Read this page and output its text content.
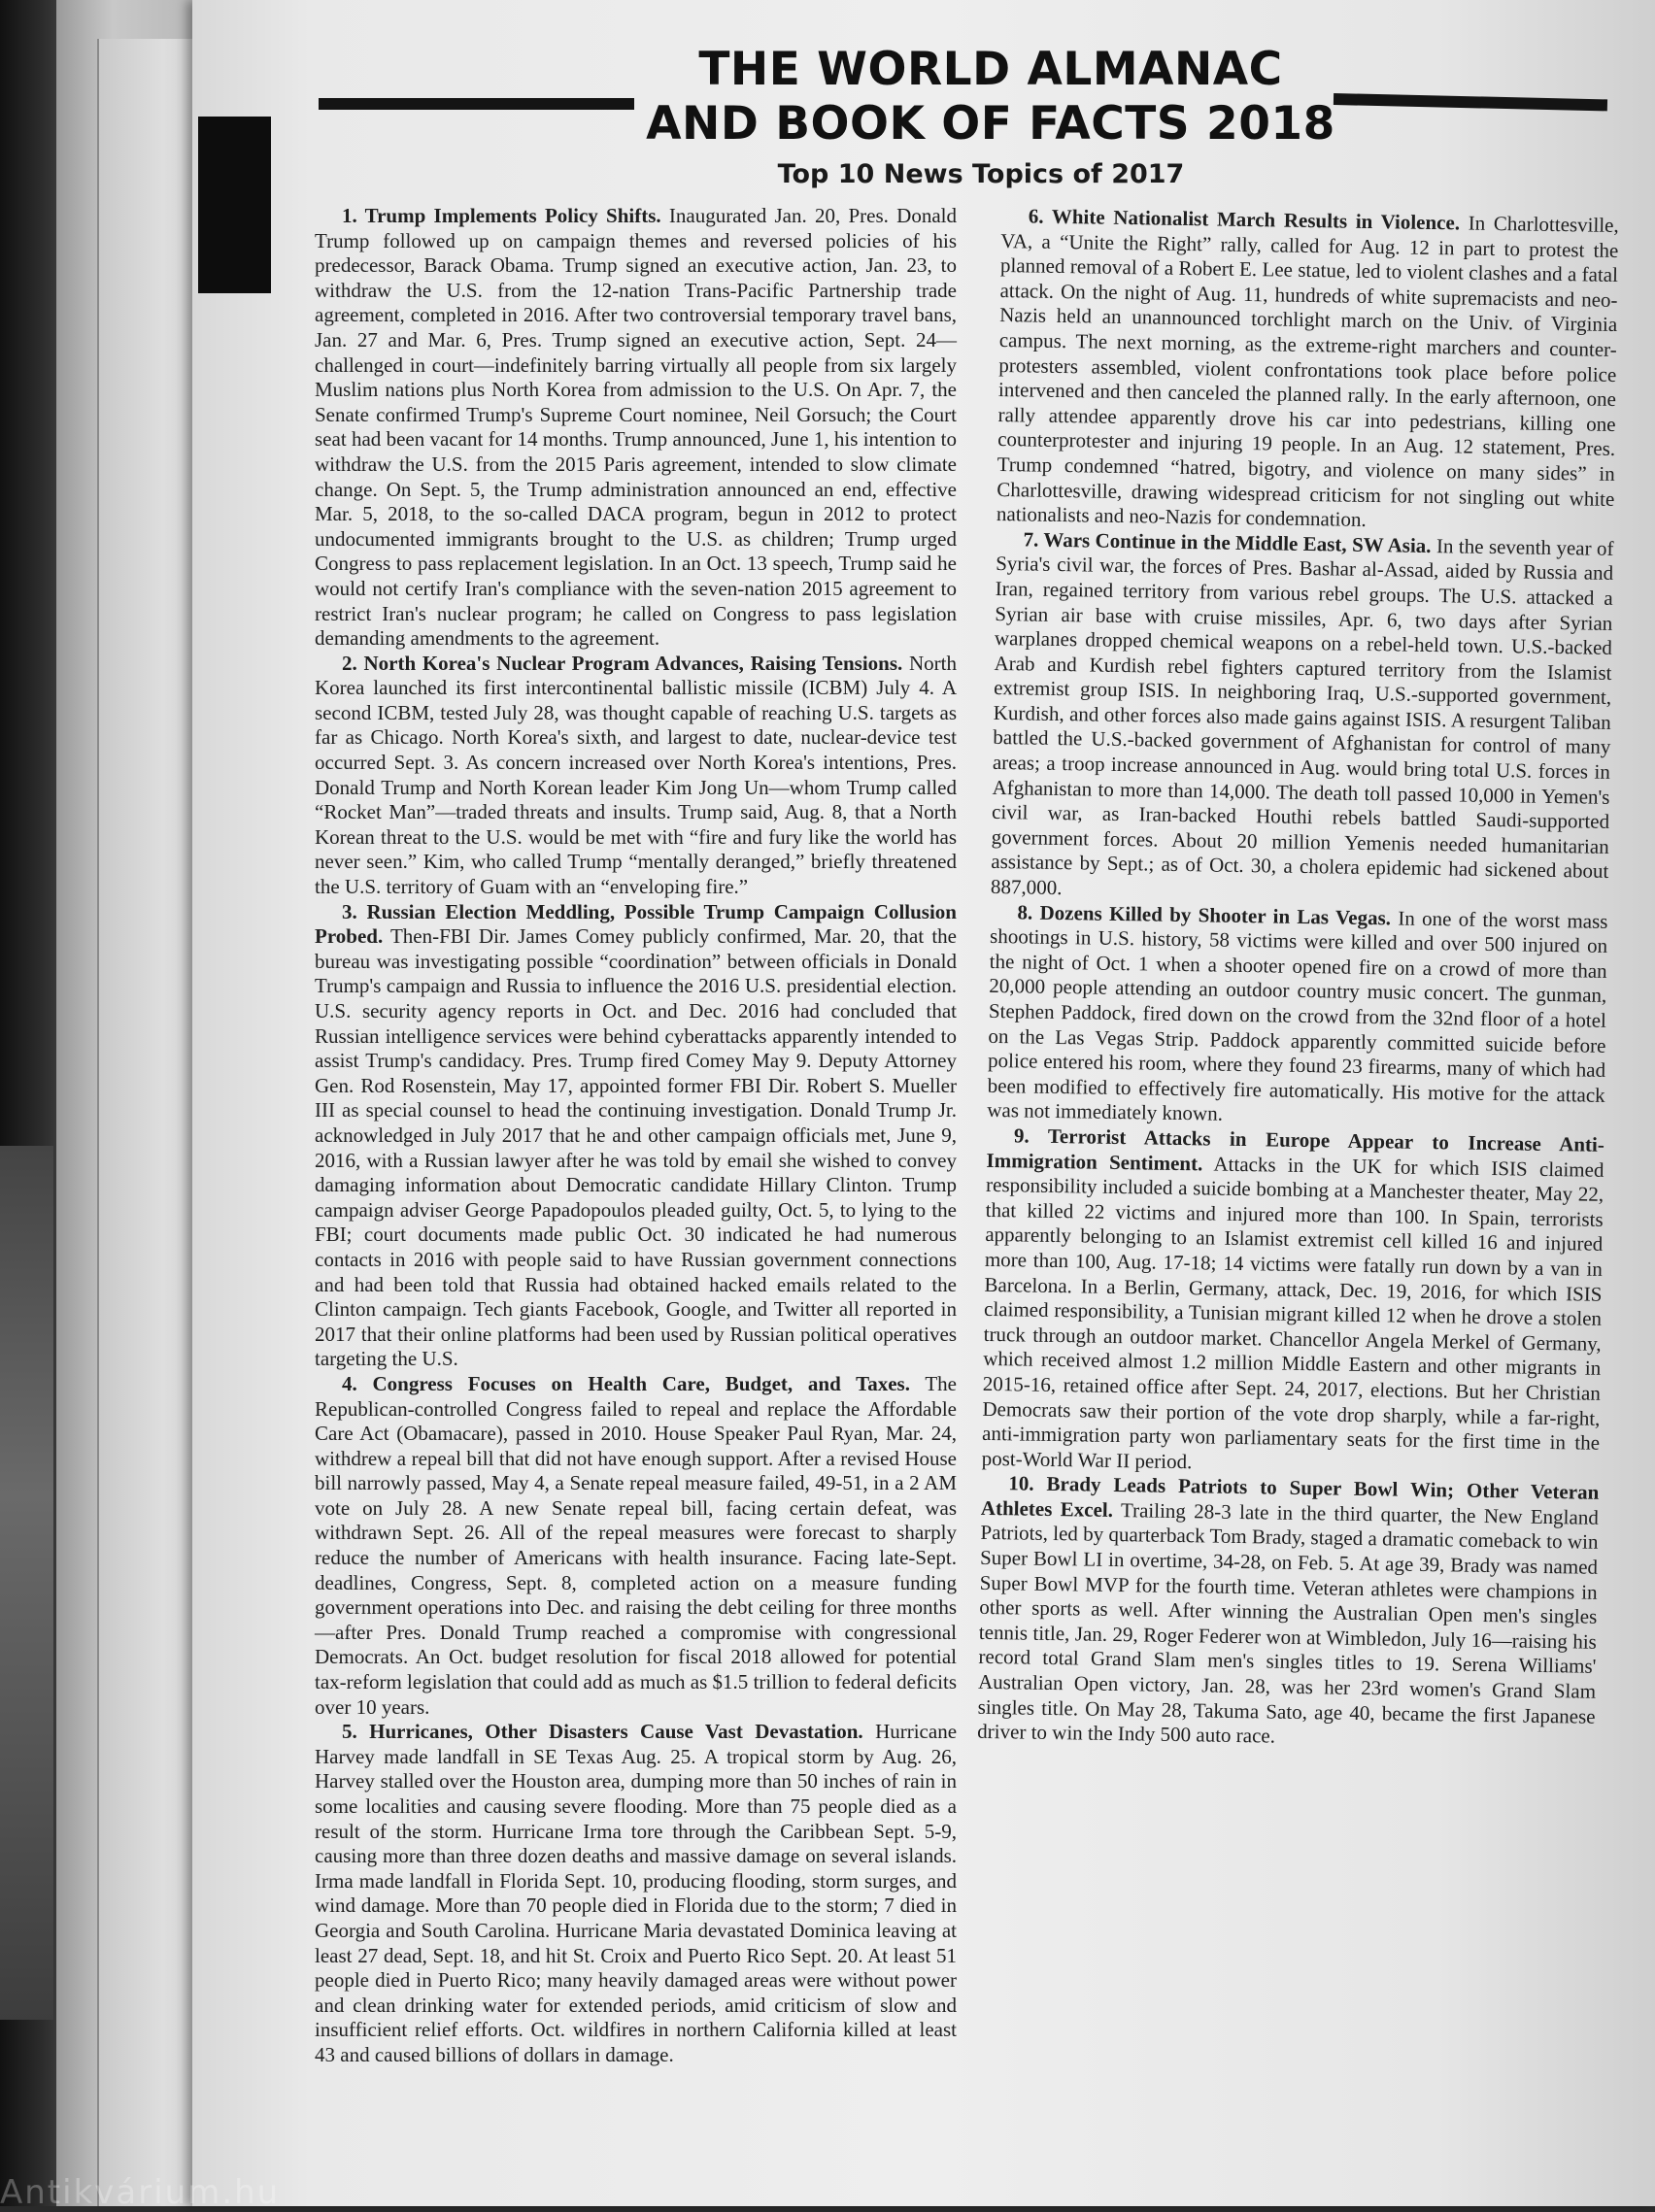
THE WORLD ALMANAC
AND BOOK OF FACTS 2018
Top 10 News Topics of 2017

1. Trump Implements Policy Shifts. Inaugurated Jan. 20, Pres. Donald Trump followed up on campaign themes and reversed policies of his predecessor, Barack Obama. Trump signed an executive action, Jan. 23, to withdraw the U.S. from the 12-nation Trans-Pacific Partnership trade agreement, completed in 2016. After two controversial temporary travel bans, Jan. 27 and Mar. 6, Pres. Trump signed an executive action, Sept. 24—challenged in court—indefinitely barring virtually all people from six largely Muslim nations plus North Korea from admission to the U.S. On Apr. 7, the Senate confirmed Trump's Supreme Court nominee, Neil Gorsuch; the Court seat had been vacant for 14 months. Trump announced, June 1, his intention to withdraw the U.S. from the 2015 Paris agreement, intended to slow climate change. On Sept. 5, the Trump administration announced an end, effective Mar. 5, 2018, to the so-called DACA program, begun in 2012 to protect undocumented immigrants brought to the U.S. as children; Trump urged Congress to pass replacement legislation. In an Oct. 13 speech, Trump said he would not certify Iran's compliance with the seven-nation 2015 agreement to restrict Iran's nuclear program; he called on Congress to pass legislation demanding amendments to the agreement.

2. North Korea's Nuclear Program Advances, Raising Tensions. North Korea launched its first intercontinental ballistic missile (ICBM) July 4. A second ICBM, tested July 28, was thought capable of reaching U.S. targets as far as Chicago. North Korea's sixth, and largest to date, nuclear-device test occurred Sept. 3. As concern increased over North Korea's intentions, Pres. Donald Trump and North Korean leader Kim Jong Un—whom Trump called “Rocket Man”—traded threats and insults. Trump said, Aug. 8, that a North Korean threat to the U.S. would be met with “fire and fury like the world has never seen.” Kim, who called Trump “mentally deranged,” briefly threatened the U.S. territory of Guam with an “enveloping fire.”

3. Russian Election Meddling, Possible Trump Campaign Collusion Probed. Then-FBI Dir. James Comey publicly confirmed, Mar. 20, that the bureau was investigating possible “coordination” between officials in Donald Trump's campaign and Russia to influence the 2016 U.S. presidential election. U.S. security agency reports in Oct. and Dec. 2016 had concluded that Russian intelligence services were behind cyberattacks apparently intended to assist Trump's candidacy. Pres. Trump fired Comey May 9. Deputy Attorney Gen. Rod Rosenstein, May 17, appointed former FBI Dir. Robert S. Mueller III as special counsel to head the continuing investigation. Donald Trump Jr. acknowledged in July 2017 that he and other campaign officials met, June 9, 2016, with a Russian lawyer after he was told by email she wished to convey damaging information about Democratic candidate Hillary Clinton. Trump campaign adviser George Papadopoulos pleaded guilty, Oct. 5, to lying to the FBI; court documents made public Oct. 30 indicated he had numerous contacts in 2016 with people said to have Russian government connections and had been told that Russia had obtained hacked emails related to the Clinton campaign. Tech giants Facebook, Google, and Twitter all reported in 2017 that their online platforms had been used by Russian political operatives targeting the U.S.

4. Congress Focuses on Health Care, Budget, and Taxes. The Republican-controlled Congress failed to repeal and replace the Affordable Care Act (Obamacare), passed in 2010. House Speaker Paul Ryan, Mar. 24, withdrew a repeal bill that did not have enough support. After a revised House bill narrowly passed, May 4, a Senate repeal measure failed, 49-51, in a 2 AM vote on July 28. A new Senate repeal bill, facing certain defeat, was withdrawn Sept. 26. All of the repeal measures were forecast to sharply reduce the number of Americans with health insurance. Facing late-Sept. deadlines, Congress, Sept. 8, completed action on a measure funding government operations into Dec. and raising the debt ceiling for three months—after Pres. Donald Trump reached a compromise with congressional Democrats. An Oct. budget resolution for fiscal 2018 allowed for potential tax-reform legislation that could add as much as $1.5 trillion to federal deficits over 10 years.

5. Hurricanes, Other Disasters Cause Vast Devastation. Hurricane Harvey made landfall in SE Texas Aug. 25. A tropical storm by Aug. 26, Harvey stalled over the Houston area, dumping more than 50 inches of rain in some localities and causing severe flooding. More than 75 people died as a result of the storm. Hurricane Irma tore through the Caribbean Sept. 5-9, causing more than three dozen deaths and massive damage on several islands. Irma made landfall in Florida Sept. 10, producing flooding, storm surges, and wind damage. More than 70 people died in Florida due to the storm; 7 died in Georgia and South Carolina. Hurricane Maria devastated Dominica leaving at least 27 dead, Sept. 18, and hit St. Croix and Puerto Rico Sept. 20. At least 51 people died in Puerto Rico; many heavily damaged areas were without power and clean drinking water for extended periods, amid criticism of slow and insufficient relief efforts. Oct. wildfires in northern California killed at least 43 and caused billions of dollars in damage.

6. White Nationalist March Results in Violence. In Charlottesville, VA, a “Unite the Right” rally, called for Aug. 12 in part to protest the planned removal of a Robert E. Lee statue, led to violent clashes and a fatal attack. On the night of Aug. 11, hundreds of white supremacists and neo-Nazis held an unannounced torchlight march on the Univ. of Virginia campus. The next morning, as the extreme-right marchers and counter-protesters assembled, violent confrontations took place before police intervened and then canceled the planned rally. In the early afternoon, one rally attendee apparently drove his car into pedestrians, killing one counterprotester and injuring 19 people. In an Aug. 12 statement, Pres. Trump condemned “hatred, bigotry, and violence on many sides” in Charlottesville, drawing widespread criticism for not singling out white nationalists and neo-Nazis for condemnation.

7. Wars Continue in the Middle East, SW Asia. In the seventh year of Syria's civil war, the forces of Pres. Bashar al-Assad, aided by Russia and Iran, regained territory from various rebel groups. The U.S. attacked a Syrian air base with cruise missiles, Apr. 6, two days after Syrian warplanes dropped chemical weapons on a rebel-held town. U.S.-backed Arab and Kurdish rebel fighters captured territory from the Islamist extremist group ISIS. In neighboring Iraq, U.S.-supported government, Kurdish, and other forces also made gains against ISIS. A resurgent Taliban battled the U.S.-backed government of Afghanistan for control of many areas; a troop increase announced in Aug. would bring total U.S. forces in Afghanistan to more than 14,000. The death toll passed 10,000 in Yemen's civil war, as Iran-backed Houthi rebels battled Saudi-supported government forces. About 20 million Yemenis needed humanitarian assistance by Sept.; as of Oct. 30, a cholera epidemic had sickened about 887,000.

8. Dozens Killed by Shooter in Las Vegas. In one of the worst mass shootings in U.S. history, 58 victims were killed and over 500 injured on the night of Oct. 1 when a shooter opened fire on a crowd of more than 20,000 people attending an outdoor country music concert. The gunman, Stephen Paddock, fired down on the crowd from the 32nd floor of a hotel on the Las Vegas Strip. Paddock apparently committed suicide before police entered his room, where they found 23 firearms, many of which had been modified to effectively fire automatically. His motive for the attack was not immediately known.

9. Terrorist Attacks in Europe Appear to Increase Anti-Immigration Sentiment. Attacks in the UK for which ISIS claimed responsibility included a suicide bombing at a Manchester theater, May 22, that killed 22 victims and injured more than 100. In Spain, terrorists apparently belonging to an Islamist extremist cell killed 16 and injured more than 100, Aug. 17-18; 14 victims were fatally run down by a van in Barcelona. In a Berlin, Germany, attack, Dec. 19, 2016, for which ISIS claimed responsibility, a Tunisian migrant killed 12 when he drove a stolen truck through an outdoor market. Chancellor Angela Merkel of Germany, which received almost 1.2 million Middle Eastern and other migrants in 2015-16, retained office after Sept. 24, 2017, elections. But her Christian Democrats saw their portion of the vote drop sharply, while a far-right, anti-immigration party won parliamentary seats for the first time in the post-World War II period.

10. Brady Leads Patriots to Super Bowl Win; Other Veteran Athletes Excel. Trailing 28-3 late in the third quarter, the New England Patriots, led by quarterback Tom Brady, staged a dramatic comeback to win Super Bowl LI in overtime, 34-28, on Feb. 5. At age 39, Brady was named Super Bowl MVP for the fourth time. Veteran athletes were champions in other sports as well. After winning the Australian Open men's singles tennis title, Jan. 29, Roger Federer won at Wimbledon, July 16—raising his record total Grand Slam men's singles titles to 19. Serena Williams' Australian Open victory, Jan. 28, was her 23rd women's Grand Slam singles title. On May 28, Takuma Sato, age 40, became the first Japanese driver to win the Indy 500 auto race.

Antikvárium.hu
